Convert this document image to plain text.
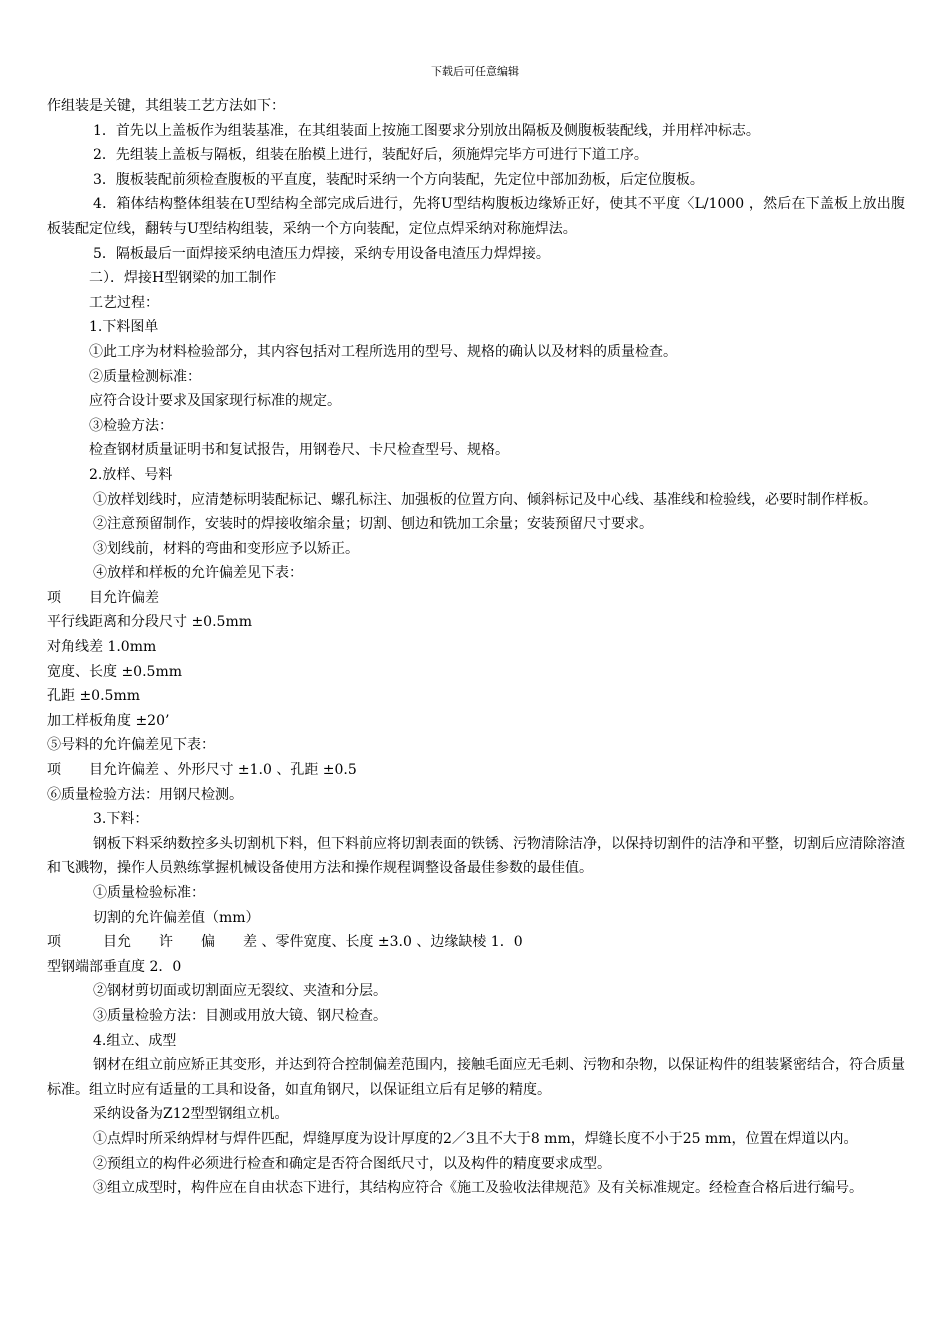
下载后可任意编辑

作组装是关键，其组装工艺方法如下：

1．首先以上盖板作为组装基准，在其组装面上按施工图要求分别放出隔板及侧腹板装配线，并用样冲标志。

2．先组装上盖板与隔板，组装在胎模上进行，装配好后，须施焊完毕方可进行下道工序。

3．腹板装配前须检查腹板的平直度，装配时采纳一个方向装配，先定位中部加劲板，后定位腹板。

4．箱体结构整体组装在U型结构全部完成后进行，先将U型结构腹板边缘矫正好，使其不平度〈L/1000 ，然后在下盖板上放出腹板装配定位线，翻转与U型结构组装，采纳一个方向装配，定位点焊采纳对称施焊法。

5．隔板最后一面焊接采纳电渣压力焊接，采纳专用设备电渣压力焊焊接。

二）．焊接H型钢梁的加工制作

工艺过程：

1.下料图单

①此工序为材料检验部分，其内容包括对工程所选用的型号、规格的确认以及材料的质量检查。

②质量检测标准：

应符合设计要求及国家现行标准的规定。

③检验方法：

检查钢材质量证明书和复试报告，用钢卷尺、卡尺检查型号、规格。

2.放样、号料

①放样划线时，应清楚标明装配标记、螺孔标注、加强板的位置方向、倾斜标记及中心线、基准线和检验线，必要时制作样板。

②注意预留制作，安装时的焊接收缩余量；切割、刨边和铣加工余量；安装预留尺寸要求。

③划线前，材料的弯曲和变形应予以矫正。

④放样和样板的允许偏差见下表：

项　　目允许偏差

平行线距离和分段尺寸 ±0.5mm

对角线差 1.0mm

宽度、长度 ±0.5mm

孔距 ±0.5mm

加工样板角度 ±20’

⑤号料的允许偏差见下表：

项　　目允许偏差 、外形尺寸 ±1.0 、孔距 ±0.5

⑥质量检验方法：用钢尺检测。

3.下料：

钢板下料采纳数控多头切割机下料，但下料前应将切割表面的铁锈、污物清除洁净，以保持切割件的洁净和平整，切割后应清除溶渣和飞溅物，操作人员熟练掌握机械设备使用方法和操作规程调整设备最佳参数的最佳值。

①质量检验标准：

切割的允许偏差值（mm）

项　　　目允　　许　　偏　　差 、零件宽度、长度 ±3.0 、边缘缺棱 1．0

型钢端部垂直度 2．0

②钢材剪切面或切割面应无裂纹、夹渣和分层。

③质量检验方法：目测或用放大镜、钢尺检查。

4.组立、成型

钢材在组立前应矫正其变形，并达到符合控制偏差范围内，接触毛面应无毛刺、污物和杂物，以保证构件的组装紧密结合，符合质量标准。组立时应有适量的工具和设备，如直角钢尺，以保证组立后有足够的精度。

采纳设备为Z12型型钢组立机。

①点焊时所采纳焊材与焊件匹配，焊缝厚度为设计厚度的2／3且不大于8 mm，焊缝长度不小于25 mm，位置在焊道以内。

②预组立的构件必须进行检查和确定是否符合图纸尺寸，以及构件的精度要求成型。

③组立成型时，构件应在自由状态下进行，其结构应符合《施工及验收法律规范》及有关标准规定。经检查合格后进行编号。
